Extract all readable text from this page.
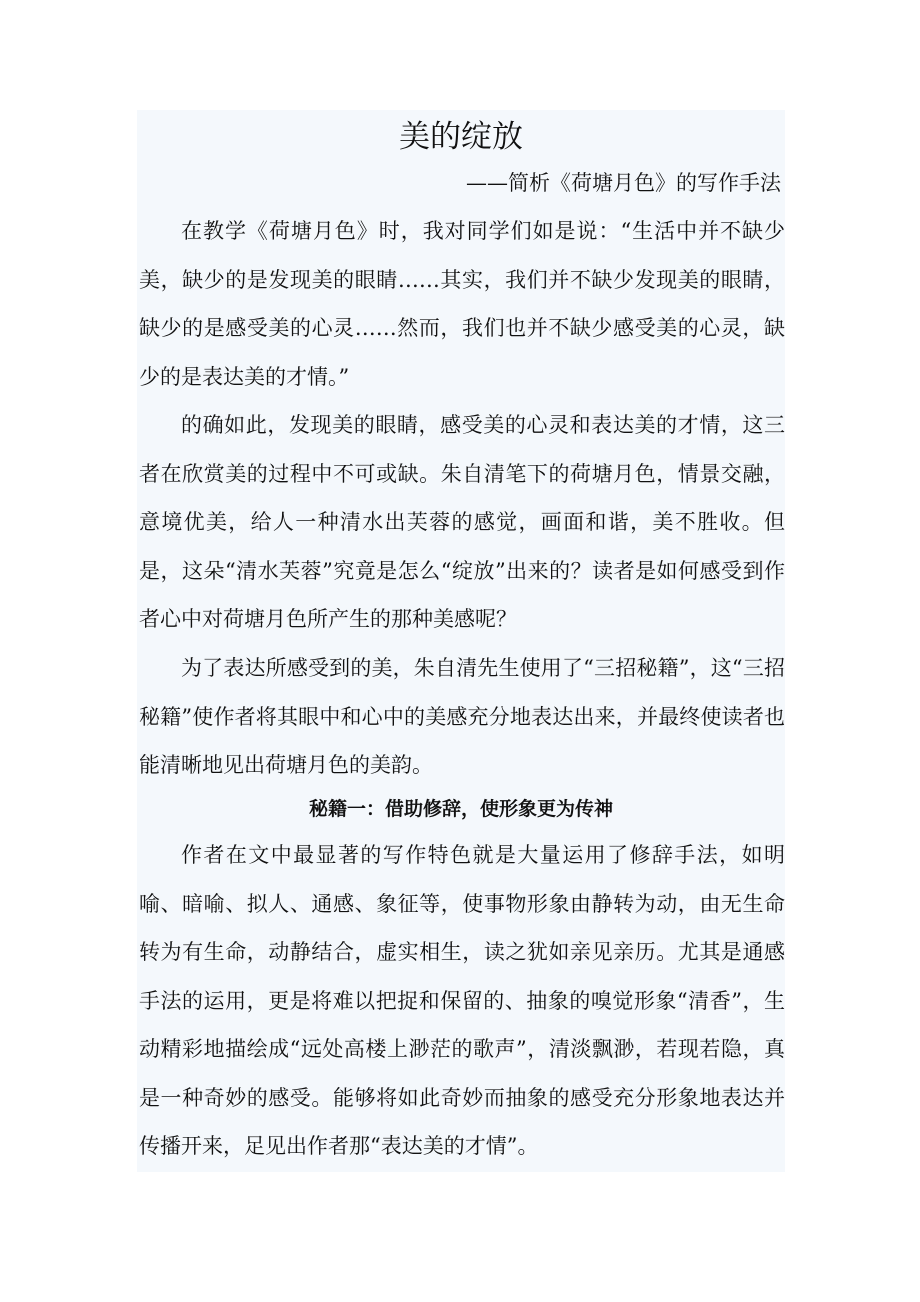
美的绽放

——简析《荷塘月色》的写作手法

在教学《荷塘月色》时，我对同学们如是说：“生活中并不缺少美，缺少的是发现美的眼睛……其实，我们并不缺少发现美的眼睛，缺少的是感受美的心灵……然而，我们也并不缺少感受美的心灵，缺少的是表达美的才情。”

的确如此，发现美的眼睛，感受美的心灵和表达美的才情，这三者在欣赏美的过程中不可或缺。朱自清笔下的荷塘月色，情景交融，意境优美，给人一种清水出芙蓉的感觉，画面和谐，美不胜收。但是，这朵“清水芙蓉”究竟是怎么“绽放”出来的？读者是如何感受到作者心中对荷塘月色所产生的那种美感呢？

为了表达所感受到的美，朱自清先生使用了“三招秘籍”，这“三招秘籍”使作者将其眼中和心中的美感充分地表达出来，并最终使读者也能清晰地见出荷塘月色的美韵。

秘籍一：借助修辞，使形象更为传神

作者在文中最显著的写作特色就是大量运用了修辞手法，如明喻、暗喻、拟人、通感、象征等，使事物形象由静转为动，由无生命转为有生命，动静结合，虚实相生，读之犹如亲见亲历。尤其是通感手法的运用，更是将难以把捉和保留的、抽象的嗅觉形象“清香”，生动精彩地描绘成“远处高楼上渺茫的歌声”，清淡飘渺，若现若隐，真是一种奇妙的感受。能够将如此奇妙而抽象的感受充分形象地表达并传播开来，足见出作者那“表达美的才情”。
